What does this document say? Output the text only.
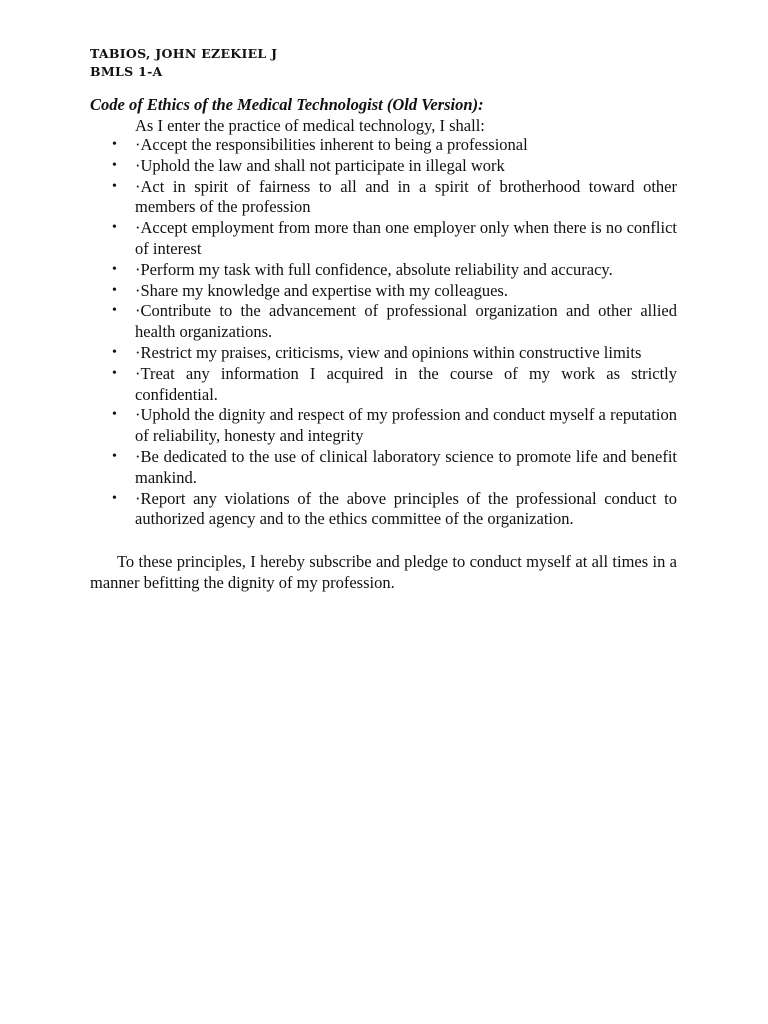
TABIOS, JOHN EZEKIEL J
BMLS 1-A
Code of Ethics of the Medical Technologist (Old Version):
As I enter the practice of medical technology, I shall:
• ·Accept the responsibilities inherent to being a professional
• ·Uphold the law and shall not participate in illegal work
• ·Act in spirit of fairness to all and in a spirit of brotherhood toward other members of the profession
• ·Accept employment from more than one employer only when there is no conflict of interest
• ·Perform my task with full confidence, absolute reliability and accuracy.
• ·Share my knowledge and expertise with my colleagues.
• ·Contribute to the advancement of professional organization and other allied health organizations.
• ·Restrict my praises, criticisms, view and opinions within constructive limits
• ·Treat any information I acquired in the course of my work as strictly confidential.
• ·Uphold the dignity and respect of my profession and conduct myself a reputation of reliability, honesty and integrity
• ·Be dedicated to the use of clinical laboratory science to promote life and benefit mankind.
• ·Report any violations of the above principles of the professional conduct to authorized agency and to the ethics committee of the organization.
To these principles, I hereby subscribe and pledge to conduct myself at all times in a manner befitting the dignity of my profession.
